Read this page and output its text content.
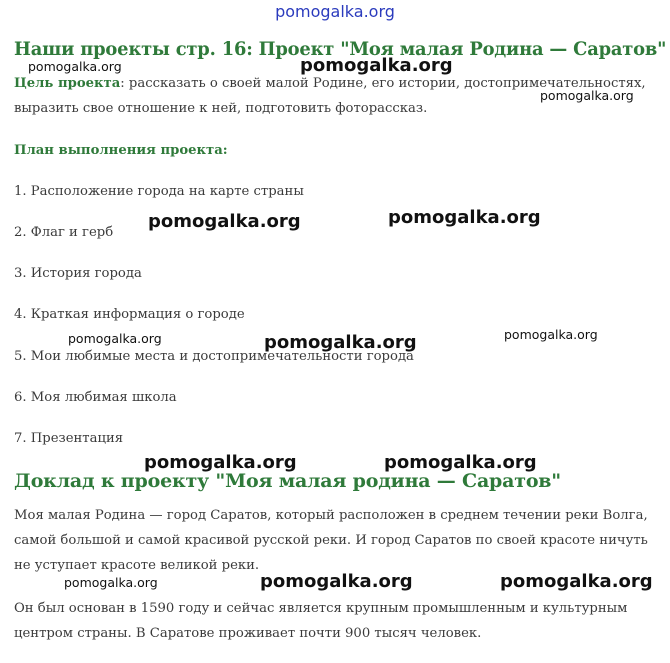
pomogalka.org
Наши проекты стр. 16: Проект "Моя малая Родина — Саратов"
Цель проекта: рассказать о своей малой Родине, его истории, достопримечательностях,
выразить свое отношение к ней, подготовить фоторассказ.
План выполнения проекта:
1. Расположение города на карте страны
2. Флаг и герб
3. История города
4. Краткая информация о городе
5. Мои любимые места и достопримечательности города
6. Моя любимая школа
7. Презентация
Доклад к проекту "Моя малая родина — Саратов"
Моя малая Родина — город Саратов, который расположен в среднем течении реки Волга,
самой большой и самой красивой русской реки. И город Саратов по своей красоте ничуть
не уступает красоте великой реки.
Он был основан в 1590 году и сейчас является крупным промышленным и культурным
центром страны. В Саратове проживает почти 900 тысяч человек.
pomogalka.org	pomogalka.org
pomogalka.org
pomogalka.org	pomogalka.org
pomogalka.org	pomogalka.org	pomogalka.org
pomogalka.org	pomogalka.org
pomogalka.org	pomogalka.org	pomogalka.org
